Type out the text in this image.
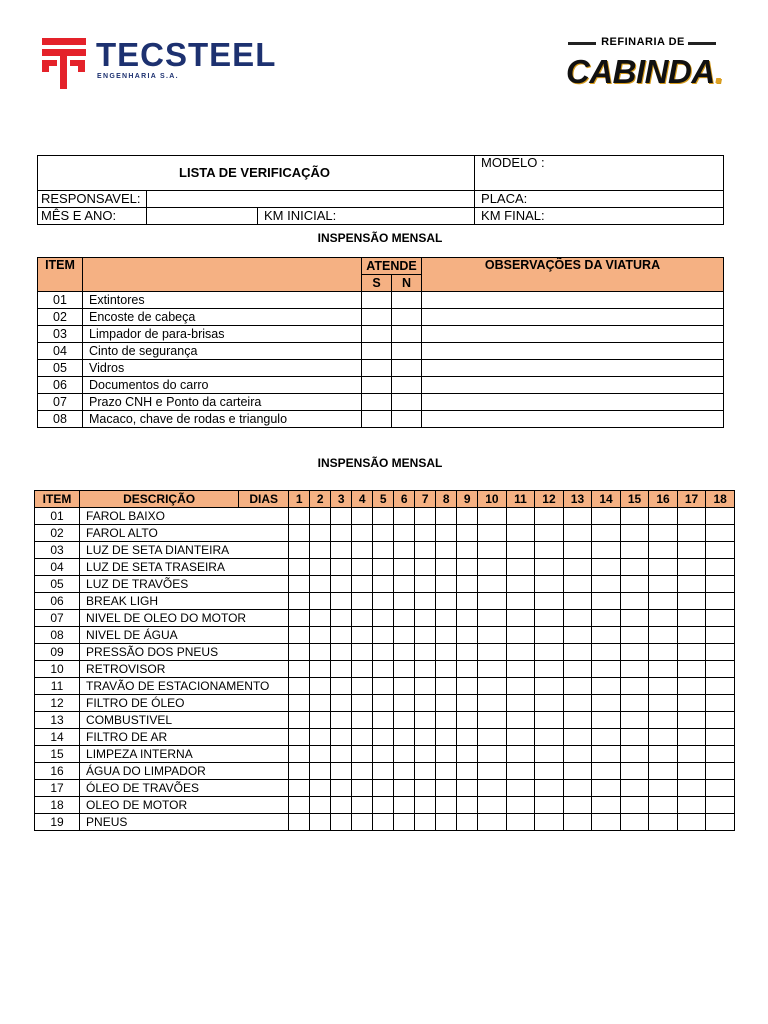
TECSTEEL
ENGENHARIA S.A.
REFINARIA DE
CABINDA.
LISTA DE VERIFICAÇÃO			MODELO :
RESPONSAVEL:			PLACA:
MÊS E ANO:		KM INICIAL:	KM FINAL:
INSPENSÃO MENSAL
ITEM		ATENDE		OBSERVAÇÕES DA VIATURA
		S	N	
01	Extintores			
02	Encoste de cabeça			
03	Limpador de para-brisas			
04	Cinto de segurança			
05	Vidros			
06	Documentos do carro			
07	Prazo CNH e Ponto da carteira			
08	Macaco, chave de rodas e triangulo			
INSPENSÃO MENSAL
ITEM	DESCRIÇÃO	DIAS	1	2	3	4	5	6	7	8	9	10	11	12	13	14	15	16	17	18
01	FAROL BAIXO																			
02	FAROL ALTO																			
03	LUZ DE SETA DIANTEIRA																			
04	LUZ DE SETA TRASEIRA																			
05	LUZ DE TRAVÕES																			
06	BREAK LIGH																			
07	NIVEL DE OLEO DO MOTOR																			
08	NIVEL DE ÁGUA																			
09	PRESSÃO DOS PNEUS																			
10	RETROVISOR																			
11	TRAVÃO DE ESTACIONAMENTO																			
12	FILTRO DE ÓLEO																			
13	COMBUSTIVEL																			
14	FILTRO DE AR																			
15	LIMPEZA INTERNA																			
16	ÁGUA DO LIMPADOR																			
17	ÓLEO DE TRAVÕES																			
18	OLEO DE MOTOR																			
19	PNEUS																			
